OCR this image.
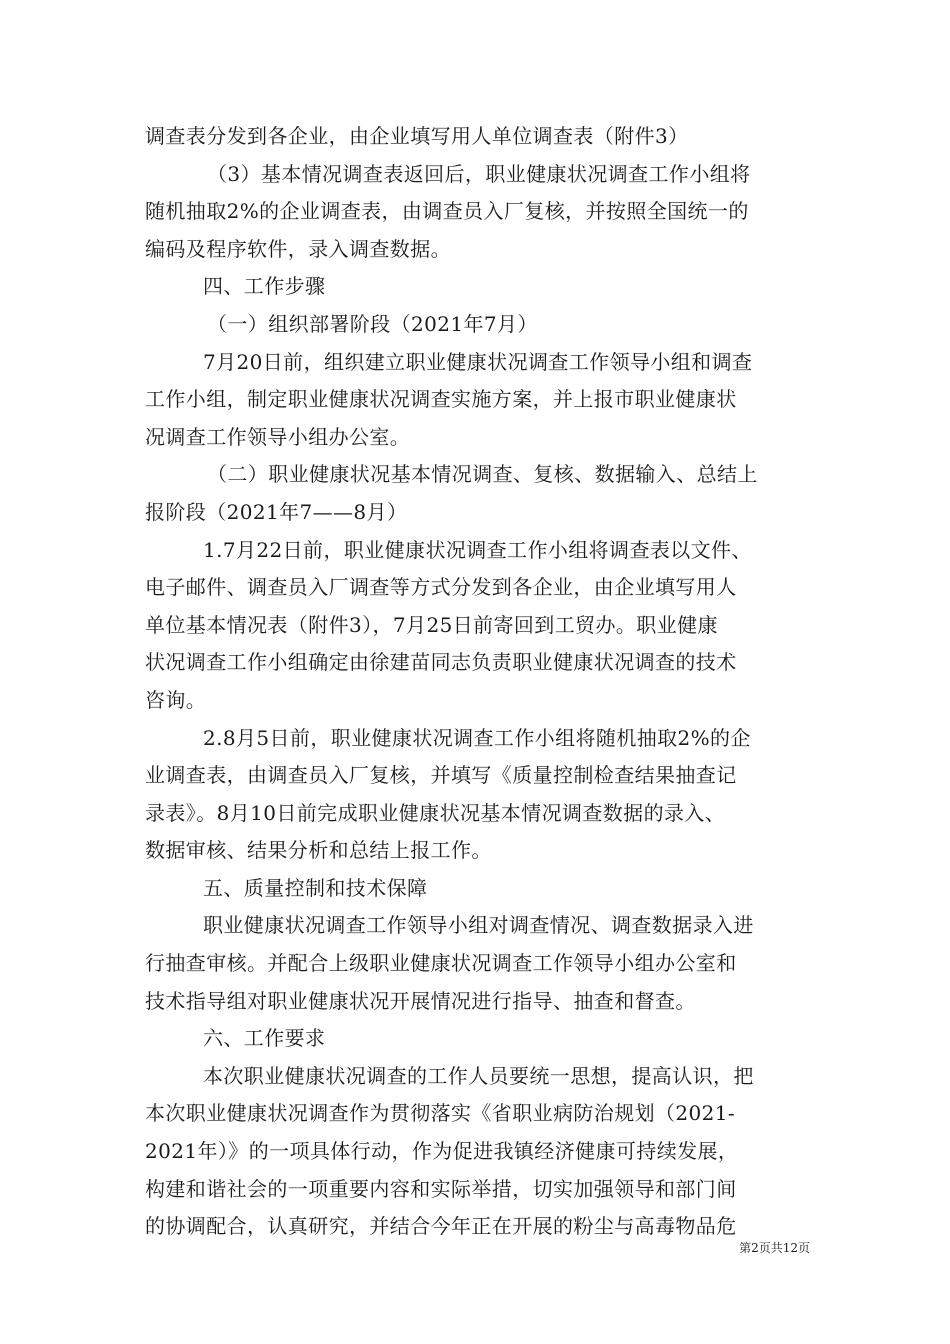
调查表分发到各企业，由企业填写用人单位调查表（附件3）
（3）基本情况调查表返回后，职业健康状况调查工作小组将
随机抽取2%的企业调查表，由调查员入厂复核，并按照全国统一的
编码及程序软件，录入调查数据。
四、工作步骤
（一）组织部署阶段（2021年7月）
7月20日前，组织建立职业健康状况调查工作领导小组和调查
工作小组，制定职业健康状况调查实施方案，并上报市职业健康状
况调查工作领导小组办公室。
（二）职业健康状况基本情况调查、复核、数据输入、总结上
报阶段（2021年7——8月）
1.7月22日前，职业健康状况调查工作小组将调查表以文件、
电子邮件、调查员入厂调查等方式分发到各企业，由企业填写用人
单位基本情况表（附件3），7月25日前寄回到工贸办。职业健康
状况调查工作小组确定由徐建苗同志负责职业健康状况调查的技术
咨询。
2.8月5日前，职业健康状况调查工作小组将随机抽取2%的企
业调查表，由调查员入厂复核，并填写《质量控制检查结果抽查记
录表》。8月10日前完成职业健康状况基本情况调查数据的录入、
数据审核、结果分析和总结上报工作。
五、质量控制和技术保障
职业健康状况调查工作领导小组对调查情况、调查数据录入进
行抽查审核。并配合上级职业健康状况调查工作领导小组办公室和
技术指导组对职业健康状况开展情况进行指导、抽查和督查。
六、工作要求
本次职业健康状况调查的工作人员要统一思想，提高认识，把
本次职业健康状况调查作为贯彻落实《省职业病防治规划（2021-
2021年）》的一项具体行动，作为促进我镇经济健康可持续发展，
构建和谐社会的一项重要内容和实际举措，切实加强领导和部门间
的协调配合，认真研究，并结合今年正在开展的粉尘与高毒物品危
第2页共12页
